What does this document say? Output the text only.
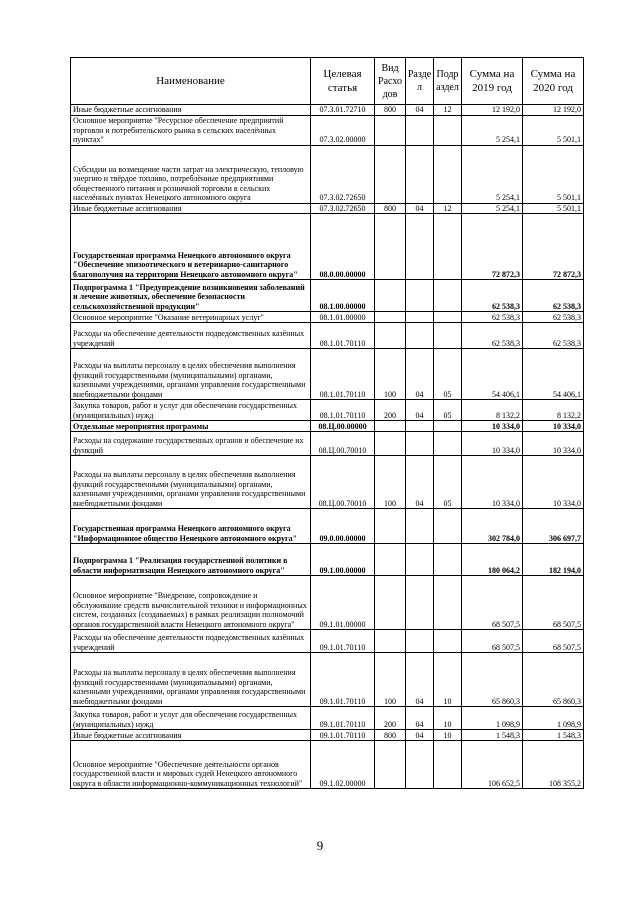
Наименование	Целевая статья	Вид Расхо дов	Разде л	Подр аздел	Сумма на 2019 год	Сумма на 2020 год
Иные бюджетные ассигнования	07.3.01.72710	800	04	12	12 192,0	12 192,0
Основное мероприятие "Ресурсное обеспечение предприятий торговли и потребительского рынка в сельских населённых пунктах"	07.3.02.00000				5 254,1	5 501,1
Субсидии на возмещение части затрат на электрическую, тепловую энергию и твёрдое топливо, потреблённые предприятиями общественного питания и розничной торговли в сельских населённых пунктах Ненецкого автономного округа	07.3.02.72650				5 254,1	5 501,1
Иные бюджетные ассигнования	07.3.02.72650	800	04	12	5 254,1	5 501,1
Государственная программа Ненецкого автономного округа "Обеспечение эпизоотического и ветеринарно-санитарного благополучия на территории Ненецкого автономного округа"	08.0.00.00000				72 872,3	72 872,3
Подпрограмма 1 "Предупреждение возникновения заболеваний и лечение животных, обеспечение безопасности сельскохозяйственной продукции"	08.1.00.00000				62 538,3	62 538,3
Основное мероприятие "Оказание ветеринарных услуг"	08.1.01.00000				62 538,3	62 538,3
Расходы на обеспечение деятельности подведомственных казённых учреждений	08.1.01.70110				62 538,3	62 538,3
Расходы на выплаты персоналу в целях обеспечения выполнения функций государственными (муниципальными) органами, казенными учреждениями, органами управления государственными внебюджетными фондами	08.1.01.70110	100	04	05	54 406,1	54 406,1
Закупка товаров, работ и услуг для обеспечения государственных (муниципальных) нужд	08.1.01.70110	200	04	05	8 132,2	8 132,2
Отдельные мероприятия программы	08.Ц.00.00000				10 334,0	10 334,0
Расходы на содержание государственных органов и обеспечение их функций	08.Ц.00.70010				10 334,0	10 334,0
Расходы на выплаты персоналу в целях обеспечения выполнения функций государственными (муниципальными) органами, казенными учреждениями, органами управления государственными внебюджетными фондами	08.Ц.00.70010	100	04	05	10 334,0	10 334,0
Государственная программа Ненецкого автономного округа "Информационное общество Ненецкого автономного округа"	09.0.00.00000				302 784,0	306 697,7
Подпрограмма 1 "Реализация государственной политики в области информатизации Ненецкого автономного округа"	09.1.00.00000				180 064,2	182 194,0
Основное мероприятие "Внедрение, сопровождение и обслуживание средств вычислительной техники и информационных систем, созданных (создаваемых) в рамках реализации полномочий органов государственной власти Ненецкого автономного округа"	09.1.01.00000				68 507,5	68 507,5
Расходы на обеспечение деятельности подведомственных казённых учреждений	09.1.01.70110				68 507,5	68 507,5
Расходы на выплаты персоналу в целях обеспечения выполнения функций государственными (муниципальными) органами, казенными учреждениями, органами управления государственными внебюджетными фондами	09.1.01.70110	100	04	10	65 860,3	65 860,3
Закупка товаров, работ и услуг для обеспечения государственных (муниципальных) нужд	09.1.01.70110	200	04	10	1 098,9	1 098,9
Иные бюджетные ассигнования	09.1.01.70110	800	04	10	1 548,3	1 548,3
Основное мероприятие "Обеспечение деятельности органов государственной власти и мировых судей Ненецкого автономного округа в области информационно-коммуникационных технологий"	09.1.02.00000				106 652,5	108 355,2
9
